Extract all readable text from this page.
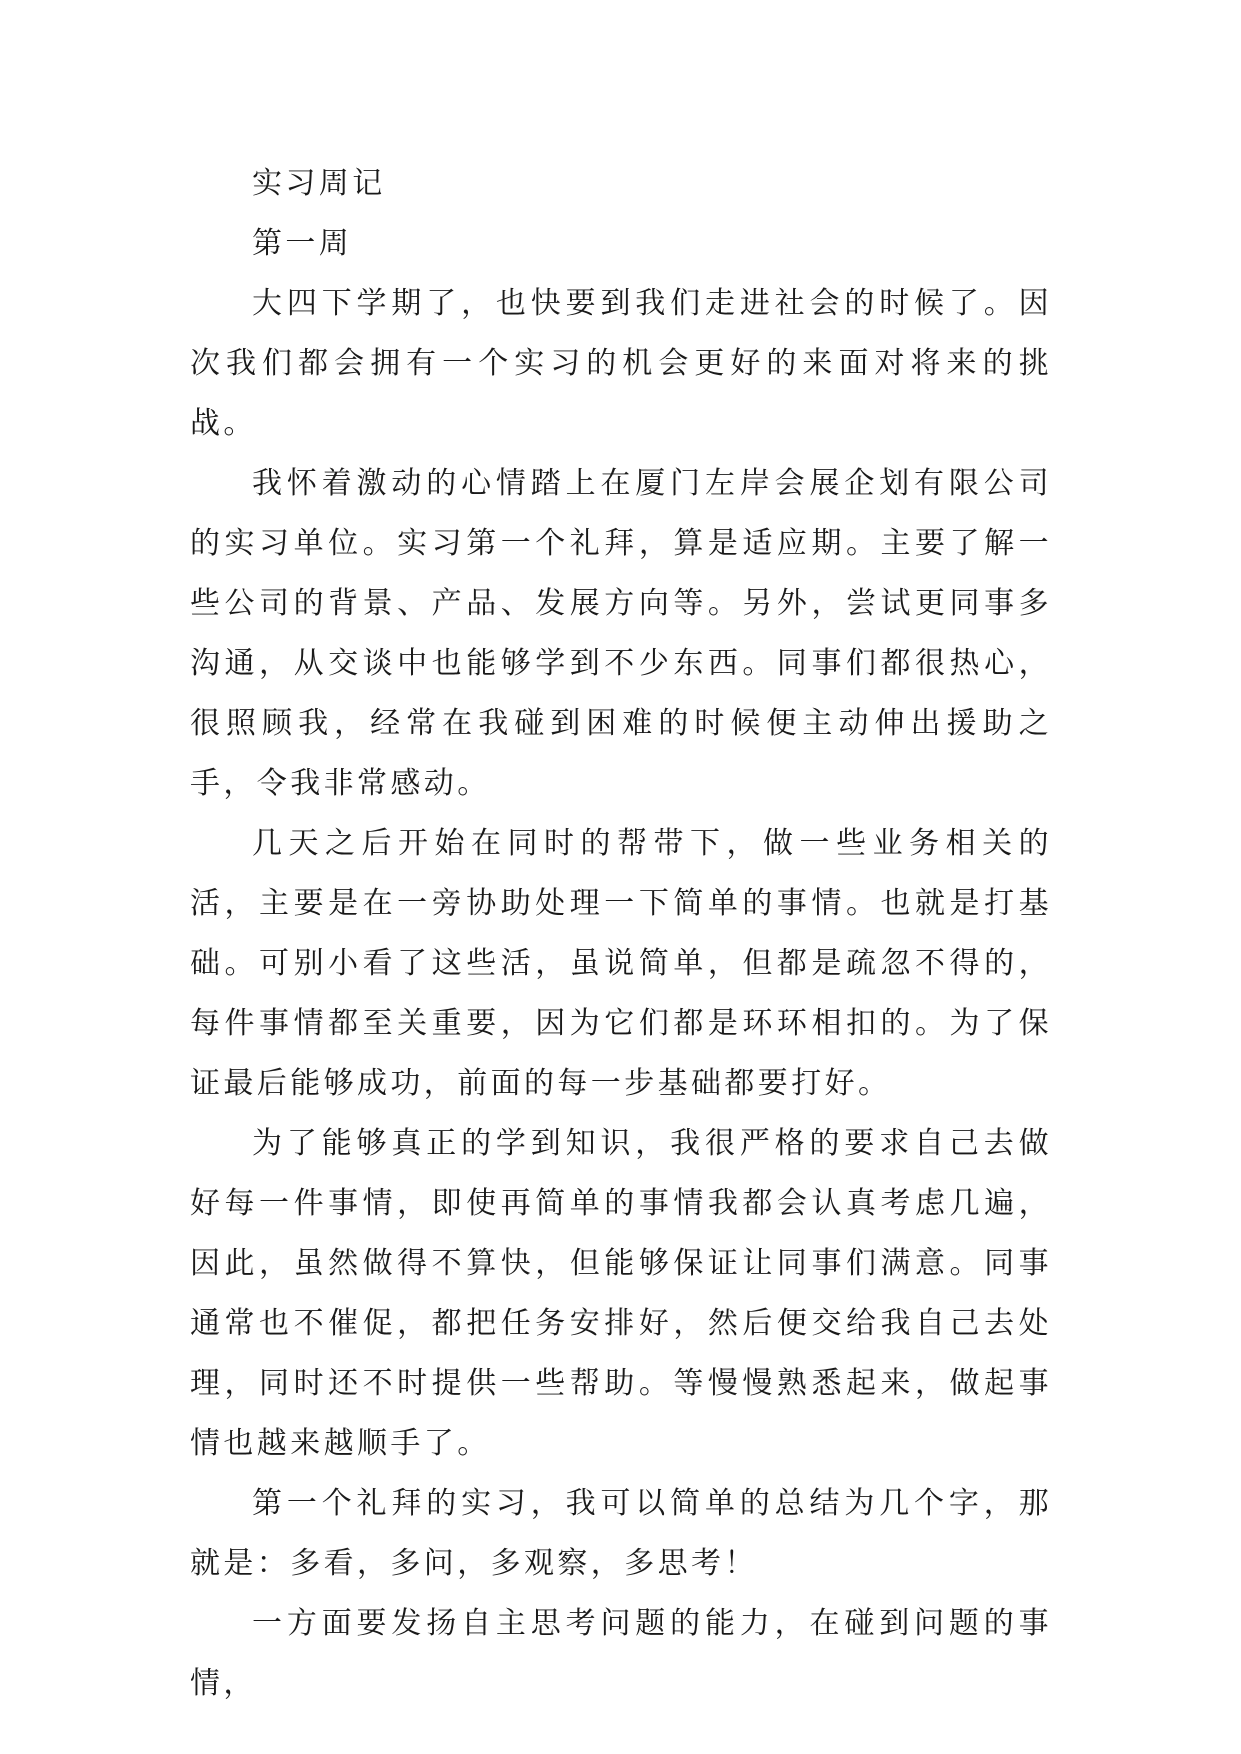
实习周记

第一周

大四下学期了，也快要到我们走进社会的时候了。因次我们都会拥有一个实习的机会更好的来面对将来的挑战。

我怀着激动的心情踏上在厦门左岸会展企划有限公司的实习单位。实习第一个礼拜，算是适应期。主要了解一些公司的背景、产品、发展方向等。另外，尝试更同事多沟通，从交谈中也能够学到不少东西。同事们都很热心，很照顾我，经常在我碰到困难的时候便主动伸出援助之手，令我非常感动。

几天之后开始在同时的帮带下，做一些业务相关的活，主要是在一旁协助处理一下简单的事情。也就是打基础。可别小看了这些活，虽说简单，但都是疏忽不得的，每件事情都至关重要，因为它们都是环环相扣的。为了保证最后能够成功，前面的每一步基础都要打好。

为了能够真正的学到知识，我很严格的要求自己去做好每一件事情，即使再简单的事情我都会认真考虑几遍，因此，虽然做得不算快，但能够保证让同事们满意。同事通常也不催促，都把任务安排好，然后便交给我自己去处理，同时还不时提供一些帮助。等慢慢熟悉起来，做起事情也越来越顺手了。

第一个礼拜的实习，我可以简单的总结为几个字，那就是：多看，多问，多观察，多思考！

一方面要发扬自主思考问题的能力，在碰到问题的事情，
